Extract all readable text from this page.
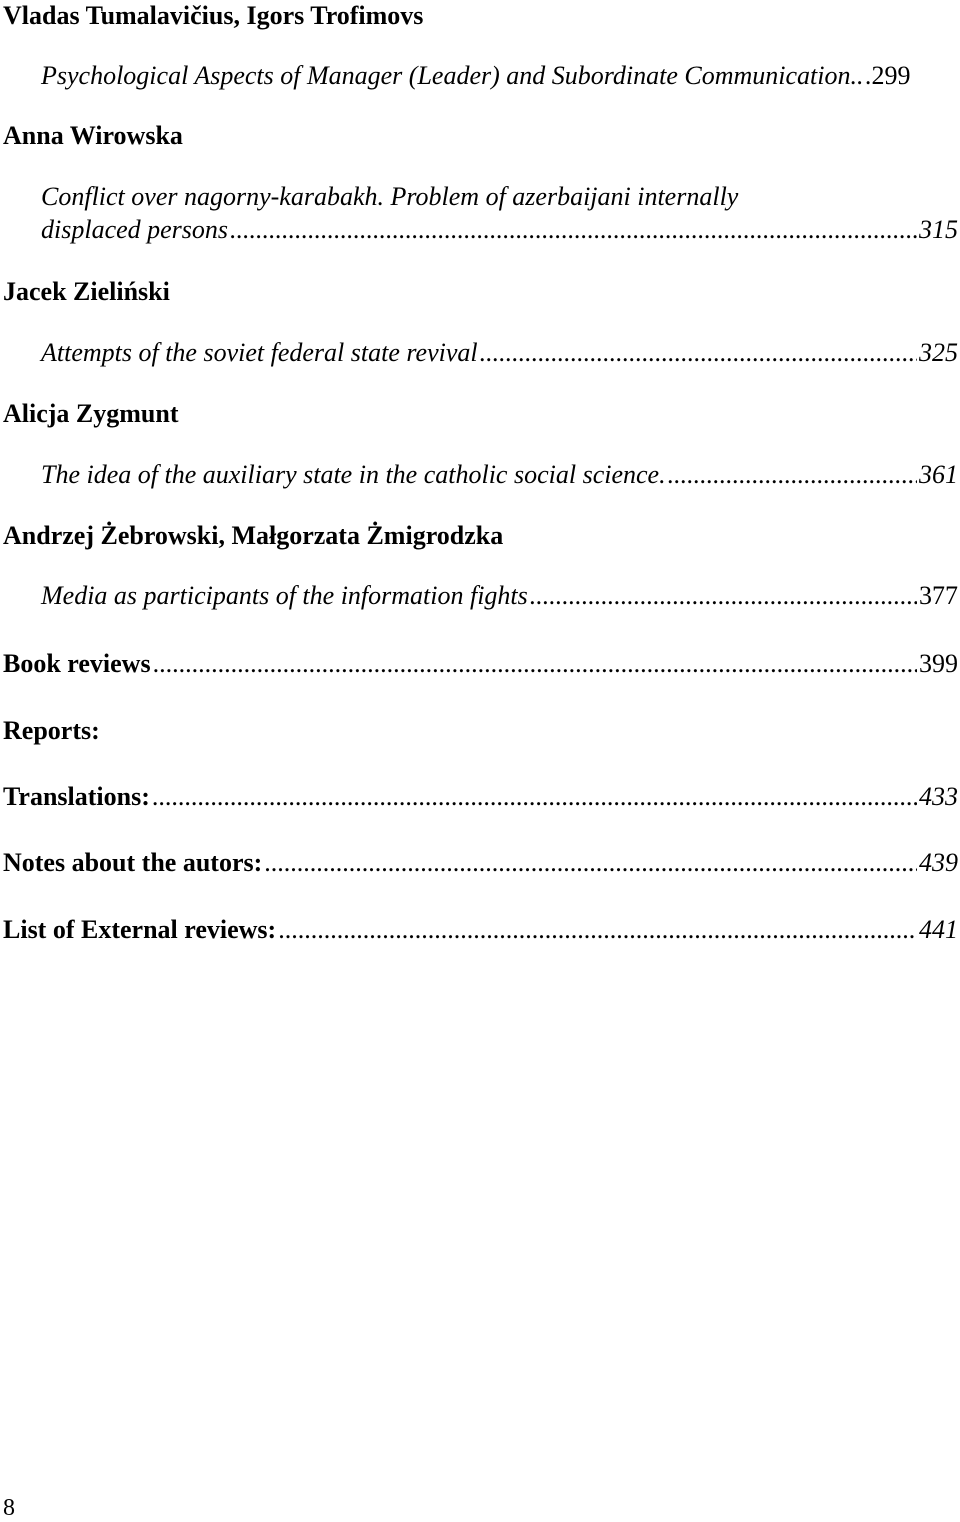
Vladas Tumalavičius, Igors Trofimovs
Psychological Aspects of Manager (Leader) and Subordinate Communication.. ..... 299
Anna Wirowska
Conflict over nagorny-karabakh. Problem of azerbaijani internally
displaced persons .....	315
Jacek Zieliński
Attempts of the soviet federal state revival .....	325
Alicja Zygmunt
The idea of the auxiliary state in the catholic social science. .....	361
Andrzej Żebrowski, Małgorzata Żmigrodzka
Media as participants of the information fights .....	377
Book reviews .....	399
Reports:
Translations: .....	433
Notes about the autors: .....	439
List of External reviews: .....	441
8
